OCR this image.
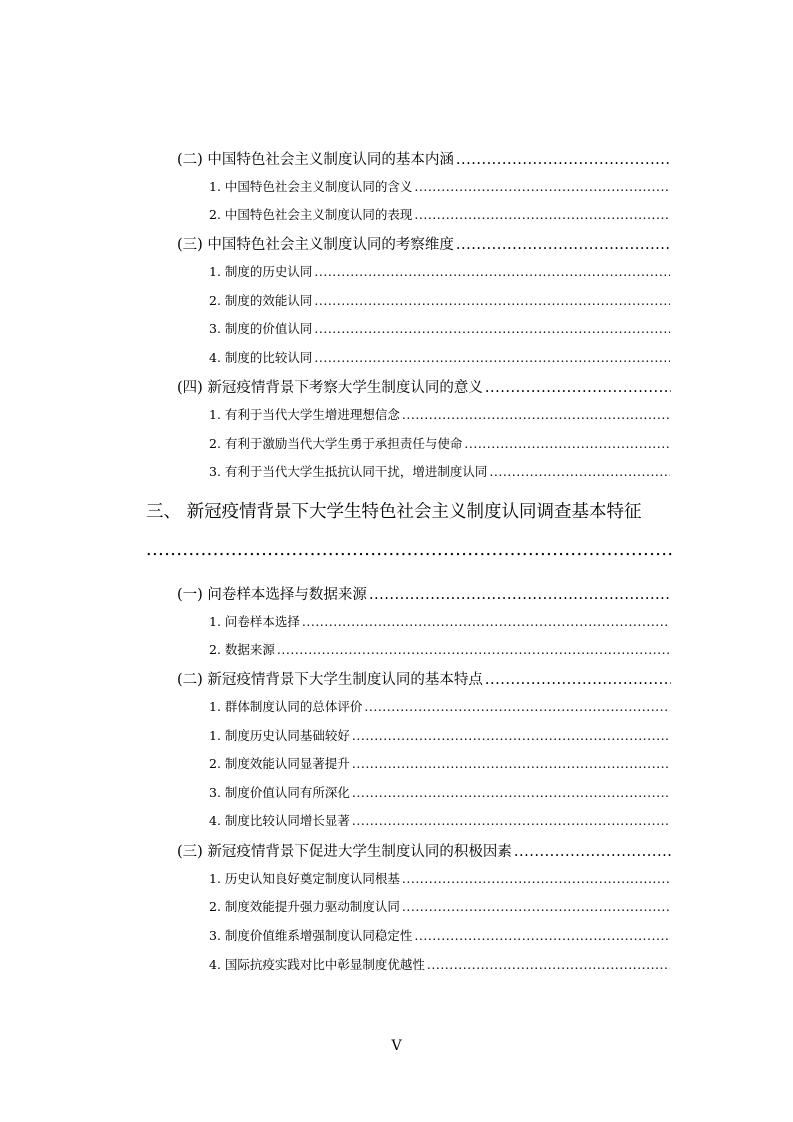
(二) 中国特色社会主义制度认同的基本内涵
.....
1. 中国特色社会主义制度认同的含义
.....
2. 中国特色社会主义制度认同的表现
.....
(三) 中国特色社会主义制度认同的考察维度
.....
1. 制度的历史认同
.....
2. 制度的效能认同
.....
3. 制度的价值认同
.....
4. 制度的比较认同
.....
(四) 新冠疫情背景下考察大学生制度认同的意义
.....
1. 有利于当代大学生增进理想信念
.....
2. 有利于激励当代大学生勇于承担责任与使命
.....
3. 有利于当代大学生抵抗认同干扰，增进制度认同
.....
三、 新冠疫情背景下大学生特色社会主义制度认同调查基本特征
.....
(一) 问卷样本选择与数据来源
.....
1. 问卷样本选择
.....
2. 数据来源
.....
(二) 新冠疫情背景下大学生制度认同的基本特点
.....
1. 群体制度认同的总体评价
.....
1. 制度历史认同基础较好
.....
2. 制度效能认同显著提升
.....
3. 制度价值认同有所深化
.....
4. 制度比较认同增长显著
.....
(三) 新冠疫情背景下促进大学生制度认同的积极因素
.....
1. 历史认知良好奠定制度认同根基
.....
2. 制度效能提升强力驱动制度认同
.....
3. 制度价值维系增强制度认同稳定性
.....
4. 国际抗疫实践对比中彰显制度优越性
.....
V
